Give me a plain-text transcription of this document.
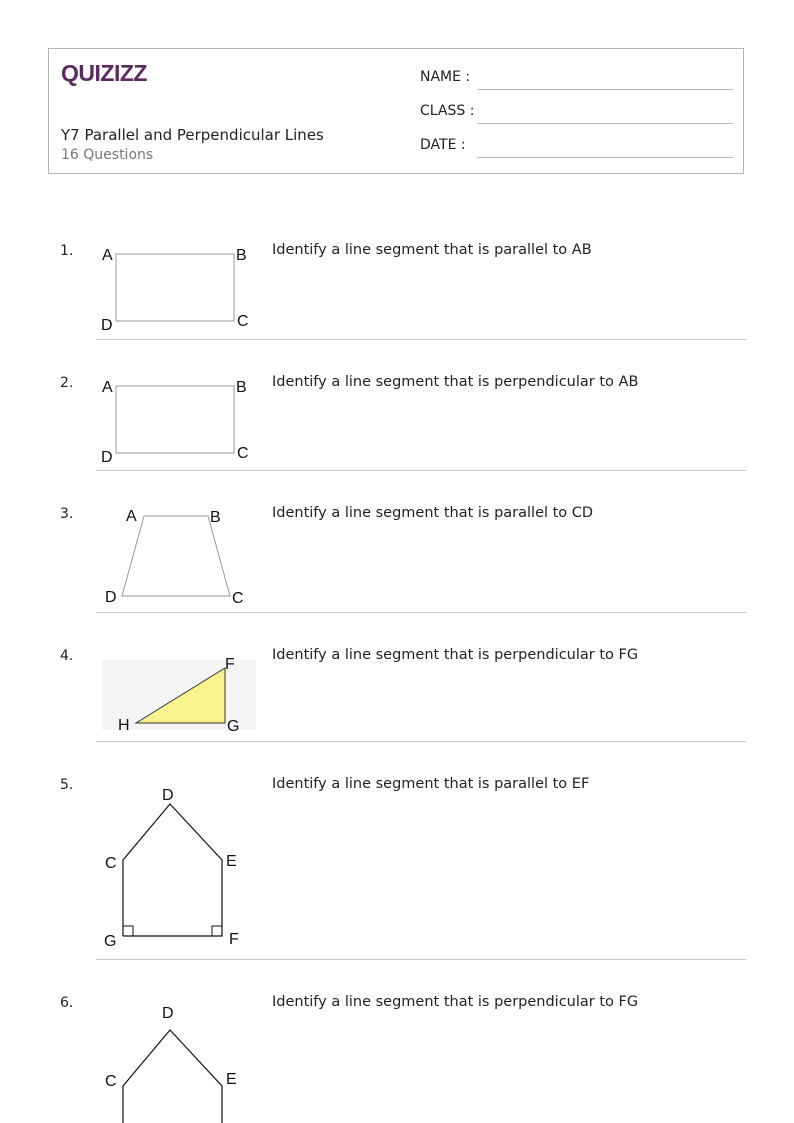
QUIZIZZ
Y7 Parallel and Perpendicular Lines
16 Questions
NAME :
CLASS :
DATE :
1.	Identify a line segment that is parallel to AB
A	B
C
D
2.	Identify a line segment that is perpendicular to AB
A	B
C
D
3.	Identify a line segment that is parallel to CD
A	B
C
D
4.	Identify a line segment that is perpendicular to FG
F
G
H
5.	Identify a line segment that is parallel to EF
C
D
E
F
G
6.	Identify a line segment that is perpendicular to FG
C
D
E
